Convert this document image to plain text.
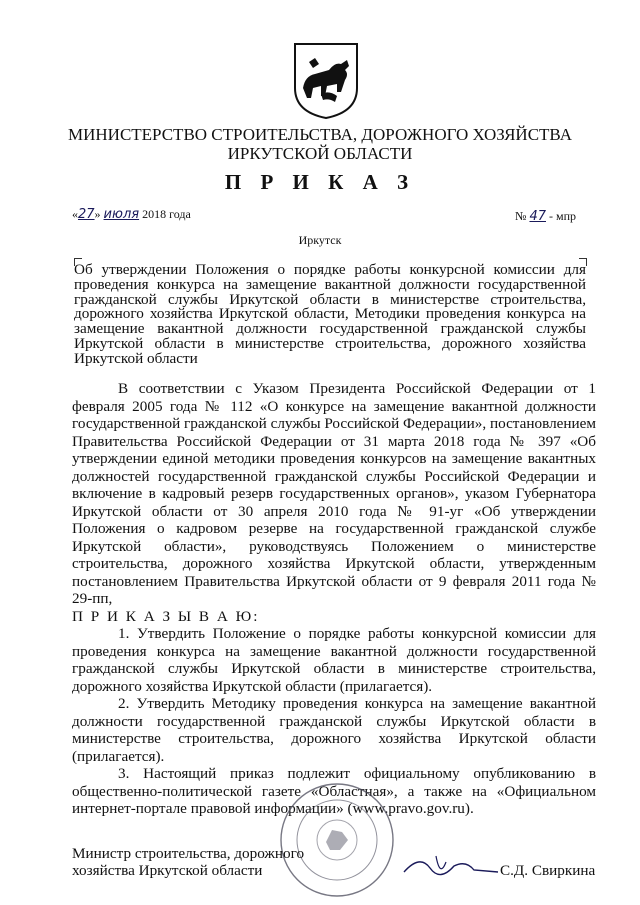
МИНИСТЕРСТВО СТРОИТЕЛЬСТВА, ДОРОЖНОГО ХОЗЯЙСТВА
ИРКУТСКОЙ ОБЛАСТИ
П Р И К А З
«27» июля 2018 года	№ 47 - мпр
Иркутск
Об утверждении Положения о порядке работы конкурсной комиссии для проведения конкурса на замещение вакантной должности государственной гражданской службы Иркутской области в министерстве строительства, дорожного хозяйства Иркутской области, Методики проведения конкурса на замещение вакантной должности государственной гражданской службы Иркутской области в министерстве строительства, дорожного хозяйства Иркутской области

В соответствии с Указом Президента Российской Федерации от 1 февраля 2005 года № 112 «О конкурсе на замещение вакантной должности государственной гражданской службы Российской Федерации», постановлением Правительства Российской Федерации от 31 марта 2018 года № 397 «Об утверждении единой методики проведения конкурсов на замещение вакантных должностей государственной гражданской службы Российской Федерации и включение в кадровый резерв государственных органов», указом Губернатора Иркутской области от 30 апреля 2010 года № 91-уг «Об утверждении Положения о кадровом резерве на государственной гражданской службе Иркутской области», руководствуясь Положением о министерстве строительства, дорожного хозяйства Иркутской области, утвержденным постановлением Правительства Иркутской области от 9 февраля 2011 года № 29-пп,

П Р И К А З Ы В А Ю:

1. Утвердить Положение о порядке работы конкурсной комиссии для проведения конкурса на замещение вакантной должности государственной гражданской службы Иркутской области в министерстве строительства, дорожного хозяйства Иркутской области (прилагается).

2. Утвердить Методику проведения конкурса на замещение вакантной должности государственной гражданской службы Иркутской области в министерстве строительства, дорожного хозяйства Иркутской области (прилагается).

3. Настоящий приказ подлежит официальному опубликованию в общественно-политической газете «Областная», а также на «Официальном интернет-портале правовой информации» (www.pravo.gov.ru).

Министр строительства, дорожного
хозяйства Иркутской области	С.Д. Свиркина
